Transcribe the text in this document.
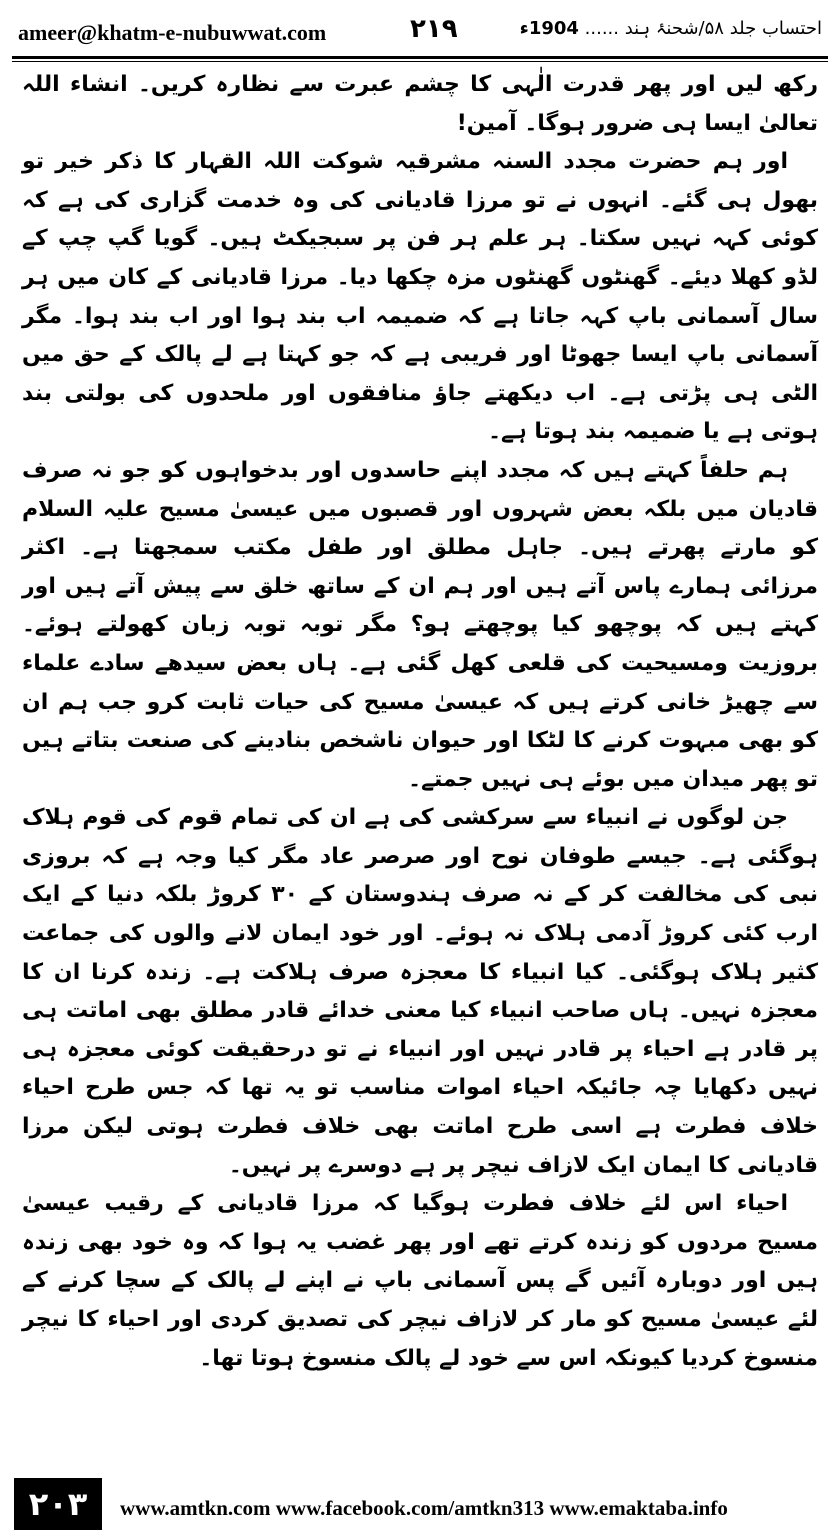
ameer@khatm-e-nubuwwat.com	۲۱۹	احتساب جلد ۵۸/شحنۂ ہند ...... 1904ء

رکھ لیں اور پھر قدرت الٰہی کا چشم عبرت سے نظارہ کریں۔ انشاء اللہ تعالیٰ ایسا ہی ضرور ہوگا۔ آمین!

اور ہم حضرت مجدد السنہ مشرقیہ شوکت اللہ القہار کا ذکر خیر تو بھول ہی گئے۔ انہوں نے تو مرزا قادیانی کی وہ خدمت گزاری کی ہے کہ کوئی کہہ نہیں سکتا۔ ہر علم ہر فن پر سبجیکٹ ہیں۔ گویا گپ چپ کے لڈو کھلا دیئے۔ گھنٹوں گھنٹوں مزہ چکھا دیا۔ مرزا قادیانی کے کان میں ہر سال آسمانی باپ کہہ جاتا ہے کہ ضمیمہ اب بند ہوا اور اب بند ہوا۔ مگر آسمانی باپ ایسا جھوٹا اور فریبی ہے کہ جو کہتا ہے لے پالک کے حق میں الٹی ہی پڑتی ہے۔ اب دیکھتے جاؤ منافقوں اور ملحدوں کی بولتی بند ہوتی ہے یا ضمیمہ بند ہوتا ہے۔

ہم حلفاً کہتے ہیں کہ مجدد اپنے حاسدوں اور بدخواہوں کو جو نہ صرف قادیان میں بلکہ بعض شہروں اور قصبوں میں عیسیٰ مسیح علیہ السلام کو مارتے پھرتے ہیں۔ جاہل مطلق اور طفل مکتب سمجھتا ہے۔ اکثر مرزائی ہمارے پاس آتے ہیں اور ہم ان کے ساتھ خلق سے پیش آتے ہیں اور کہتے ہیں کہ پوچھو کیا پوچھتے ہو؟ مگر توبہ توبہ زبان کھولتے ہوئے۔ بروزیت ومسیحیت کی قلعی کھل گئی ہے۔ ہاں بعض سیدھے سادے علماء سے چھیڑ خانی کرتے ہیں کہ عیسیٰ مسیح کی حیات ثابت کرو جب ہم ان کو بھی مبہوت کرنے کا لٹکا اور حیوان ناشخص بنادینے کی صنعت بتاتے ہیں تو پھر میدان میں بوئے ہی نہیں جمتے۔

جن لوگوں نے انبیاء سے سرکشی کی ہے ان کی تمام قوم کی قوم ہلاک ہوگئی ہے۔ جیسے طوفان نوح اور صرصر عاد مگر کیا وجہ ہے کہ بروزی نبی کی مخالفت کر کے نہ صرف ہندوستان کے ۳۰ کروڑ بلکہ دنیا کے ایک ارب کئی کروڑ آدمی ہلاک نہ ہوئے۔ اور خود ایمان لانے والوں کی جماعت کثیر ہلاک ہوگئی۔ کیا انبیاء کا معجزہ صرف ہلاکت ہے۔ زندہ کرنا ان کا معجزہ نہیں۔ ہاں صاحب انبیاء کیا معنی خدائے قادر مطلق بھی اماتت ہی پر قادر ہے احیاء پر قادر نہیں اور انبیاء نے تو درحقیقت کوئی معجزہ ہی نہیں دکھایا چہ جائیکہ احیاء اموات مناسب تو یہ تھا کہ جس طرح احیاء خلاف فطرت ہے اسی طرح اماتت بھی خلاف فطرت ہوتی لیکن مرزا قادیانی کا ایمان ایک لازاف نیچر پر ہے دوسرے پر نہیں۔

احیاء اس لئے خلاف فطرت ہوگیا کہ مرزا قادیانی کے رقیب عیسیٰ مسیح مردوں کو زندہ کرتے تھے اور پھر غضب یہ ہوا کہ وہ خود بھی زندہ ہیں اور دوبارہ آئیں گے پس آسمانی باپ نے اپنے لے پالک کے سچا کرنے کے لئے عیسیٰ مسیح کو مار کر لازاف نیچر کی تصدیق کردی اور احیاء کا نیچر منسوخ کردیا کیونکہ اس سے خود لے پالک منسوخ ہوتا تھا۔

۲۰۳	www.amtkn.com www.facebook.com/amtkn313 www.emaktaba.info
